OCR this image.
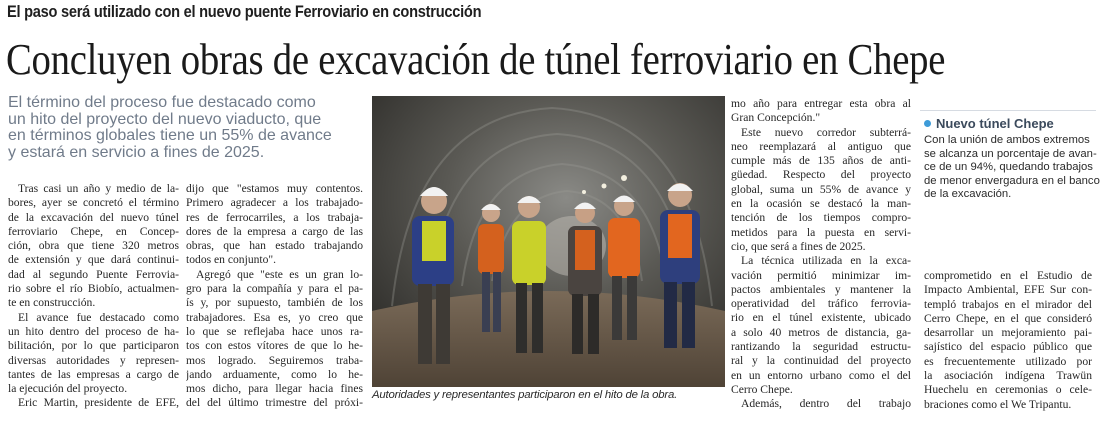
El paso será utilizado con el nuevo puente Ferroviario en construcción
Concluyen obras de excavación de túnel ferroviario en Chepe
El término del proceso fue destacado como
un hito del proyecto del nuevo viaducto, que
en términos globales tiene un 55% de avance
y estará en servicio a fines de 2025.
Tras casi un año y medio de la-
bores, ayer se concretó el término
de la excavación del nuevo túnel
ferroviario Chepe, en Concep-
ción, obra que tiene 320 metros
de extensión y que dará continui-
dad al segundo Puente Ferrovia-
rio sobre el río Biobío, actualmen-
te en construcción.
El avance fue destacado como
un hito dentro del proceso de ha-
bilitación, por lo que participaron
diversas autoridades y represen-
tantes de las empresas a cargo de
la ejecución del proyecto.
Eric Martin, presidente de EFE,
dijo que "estamos muy contentos.
Primero agradecer a los trabajado-
res de ferrocarriles, a los trabaja-
dores de la empresa a cargo de las
obras, que han estado trabajando
todos en conjunto".
Agregó que "este es un gran lo-
gro para la compañía y para el pa-
ís y, por supuesto, también de los
trabajadores. Esa es, yo creo que
lo que se reflejaba hace unos ra-
tos con estos vítores de que lo he-
mos logrado. Seguiremos traba-
jando arduamente, como lo he-
mos dicho, para llegar hacia fines
del del último trimestre del próxi-
Autoridades y representantes participaron en el hito de la obra.
mo año para entregar esta obra al
Gran Concepción."
Este nuevo corredor subterrá-
neo reemplazará al antiguo que
cumple más de 135 años de anti-
güedad. Respecto del proyecto
global, suma un 55% de avance y
en la ocasión se destacó la man-
tención de los tiempos compro-
metidos para la puesta en servi-
cio, que será a fines de 2025.
La técnica utilizada en la exca-
vación permitió minimizar im-
pactos ambientales y mantener la
operatividad del tráfico ferrovia-
rio en el túnel existente, ubicado
a solo 40 metros de distancia, ga-
rantizando la seguridad estructu-
ral y la continuidad del proyecto
en un entorno urbano como el del
Cerro Chepe.
Además, dentro del trabajo
Nuevo túnel Chepe
Con la unión de ambos extremos
se alcanza un porcentaje de avan-
ce de un 94%, quedando trabajos
de menor envergadura en el banco
de la excavación.
comprometido en el Estudio de
Impacto Ambiental, EFE Sur con-
templó trabajos en el mirador del
Cerro Chepe, en el que consideró
desarrollar un mejoramiento pai-
sajístico del espacio público que
es frecuentemente utilizado por
la asociación indígena Trawün
Huechelu en ceremonias o cele-
braciones como el We Tripantu.
